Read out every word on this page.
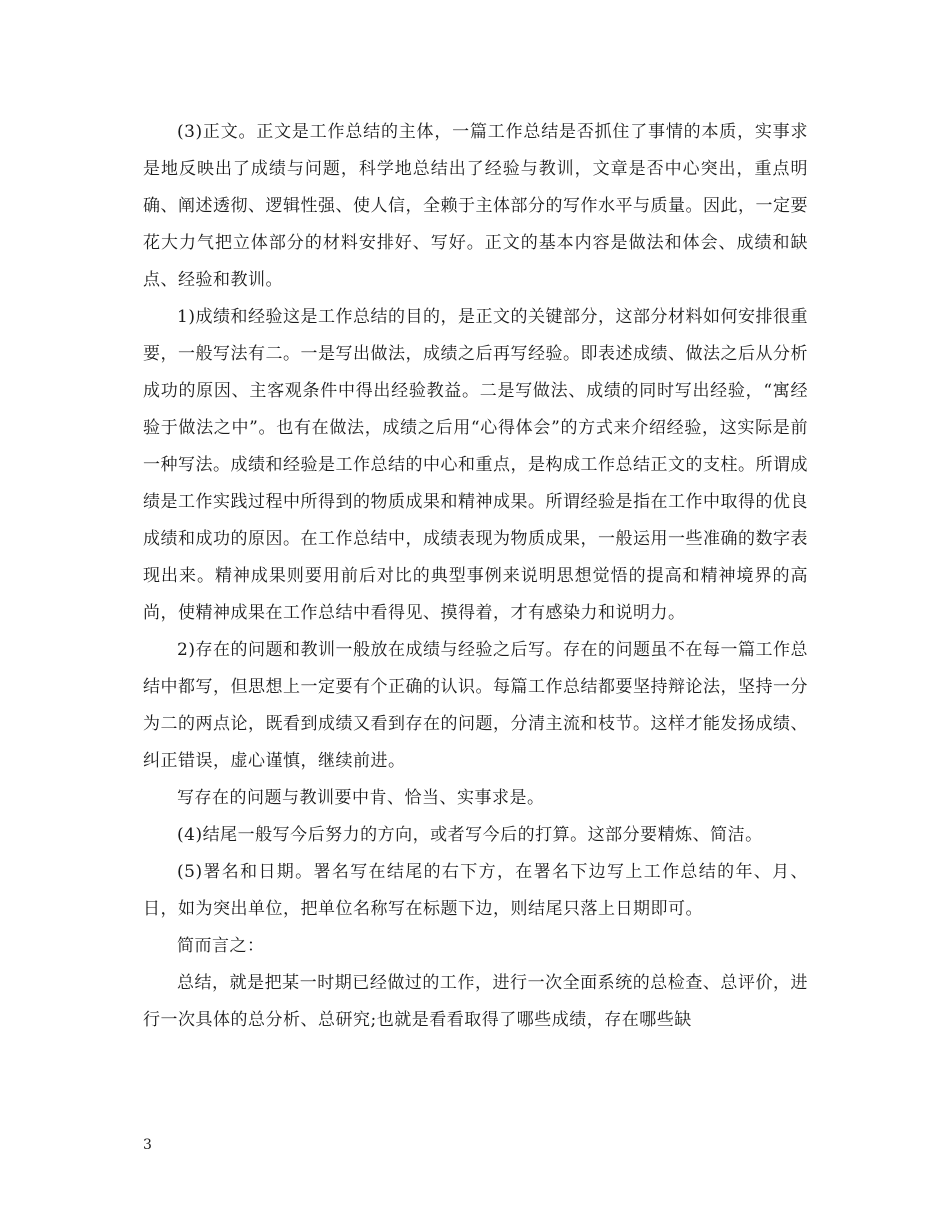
(3)正文。正文是工作总结的主体，一篇工作总结是否抓住了事情的本质，实事求是地反映出了成绩与问题，科学地总结出了经验与教训，文章是否中心突出，重点明确、阐述透彻、逻辑性强、使人信，全赖于主体部分的写作水平与质量。因此，一定要花大力气把立体部分的材料安排好、写好。正文的基本内容是做法和体会、成绩和缺点、经验和教训。

1)成绩和经验这是工作总结的目的，是正文的关键部分，这部分材料如何安排很重要，一般写法有二。一是写出做法，成绩之后再写经验。即表述成绩、做法之后从分析成功的原因、主客观条件中得出经验教益。二是写做法、成绩的同时写出经验，“寓经验于做法之中”。也有在做法，成绩之后用“心得体会”的方式来介绍经验，这实际是前一种写法。成绩和经验是工作总结的中心和重点，是构成工作总结正文的支柱。所谓成绩是工作实践过程中所得到的物质成果和精神成果。所谓经验是指在工作中取得的优良成绩和成功的原因。在工作总结中，成绩表现为物质成果，一般运用一些准确的数字表现出来。精神成果则要用前后对比的典型事例来说明思想觉悟的提高和精神境界的高尚，使精神成果在工作总结中看得见、摸得着，才有感染力和说明力。

2)存在的问题和教训一般放在成绩与经验之后写。存在的问题虽不在每一篇工作总结中都写，但思想上一定要有个正确的认识。每篇工作总结都要坚持辩论法，坚持一分为二的两点论，既看到成绩又看到存在的问题，分清主流和枝节。这样才能发扬成绩、纠正错误，虚心谨慎，继续前进。

写存在的问题与教训要中肯、恰当、实事求是。

(4)结尾一般写今后努力的方向，或者写今后的打算。这部分要精炼、简洁。

(5)署名和日期。署名写在结尾的右下方，在署名下边写上工作总结的年、月、日，如为突出单位，把单位名称写在标题下边，则结尾只落上日期即可。

简而言之：

总结，就是把某一时期已经做过的工作，进行一次全面系统的总检查、总评价，进行一次具体的总分析、总研究;也就是看看取得了哪些成绩，存在哪些缺

3
